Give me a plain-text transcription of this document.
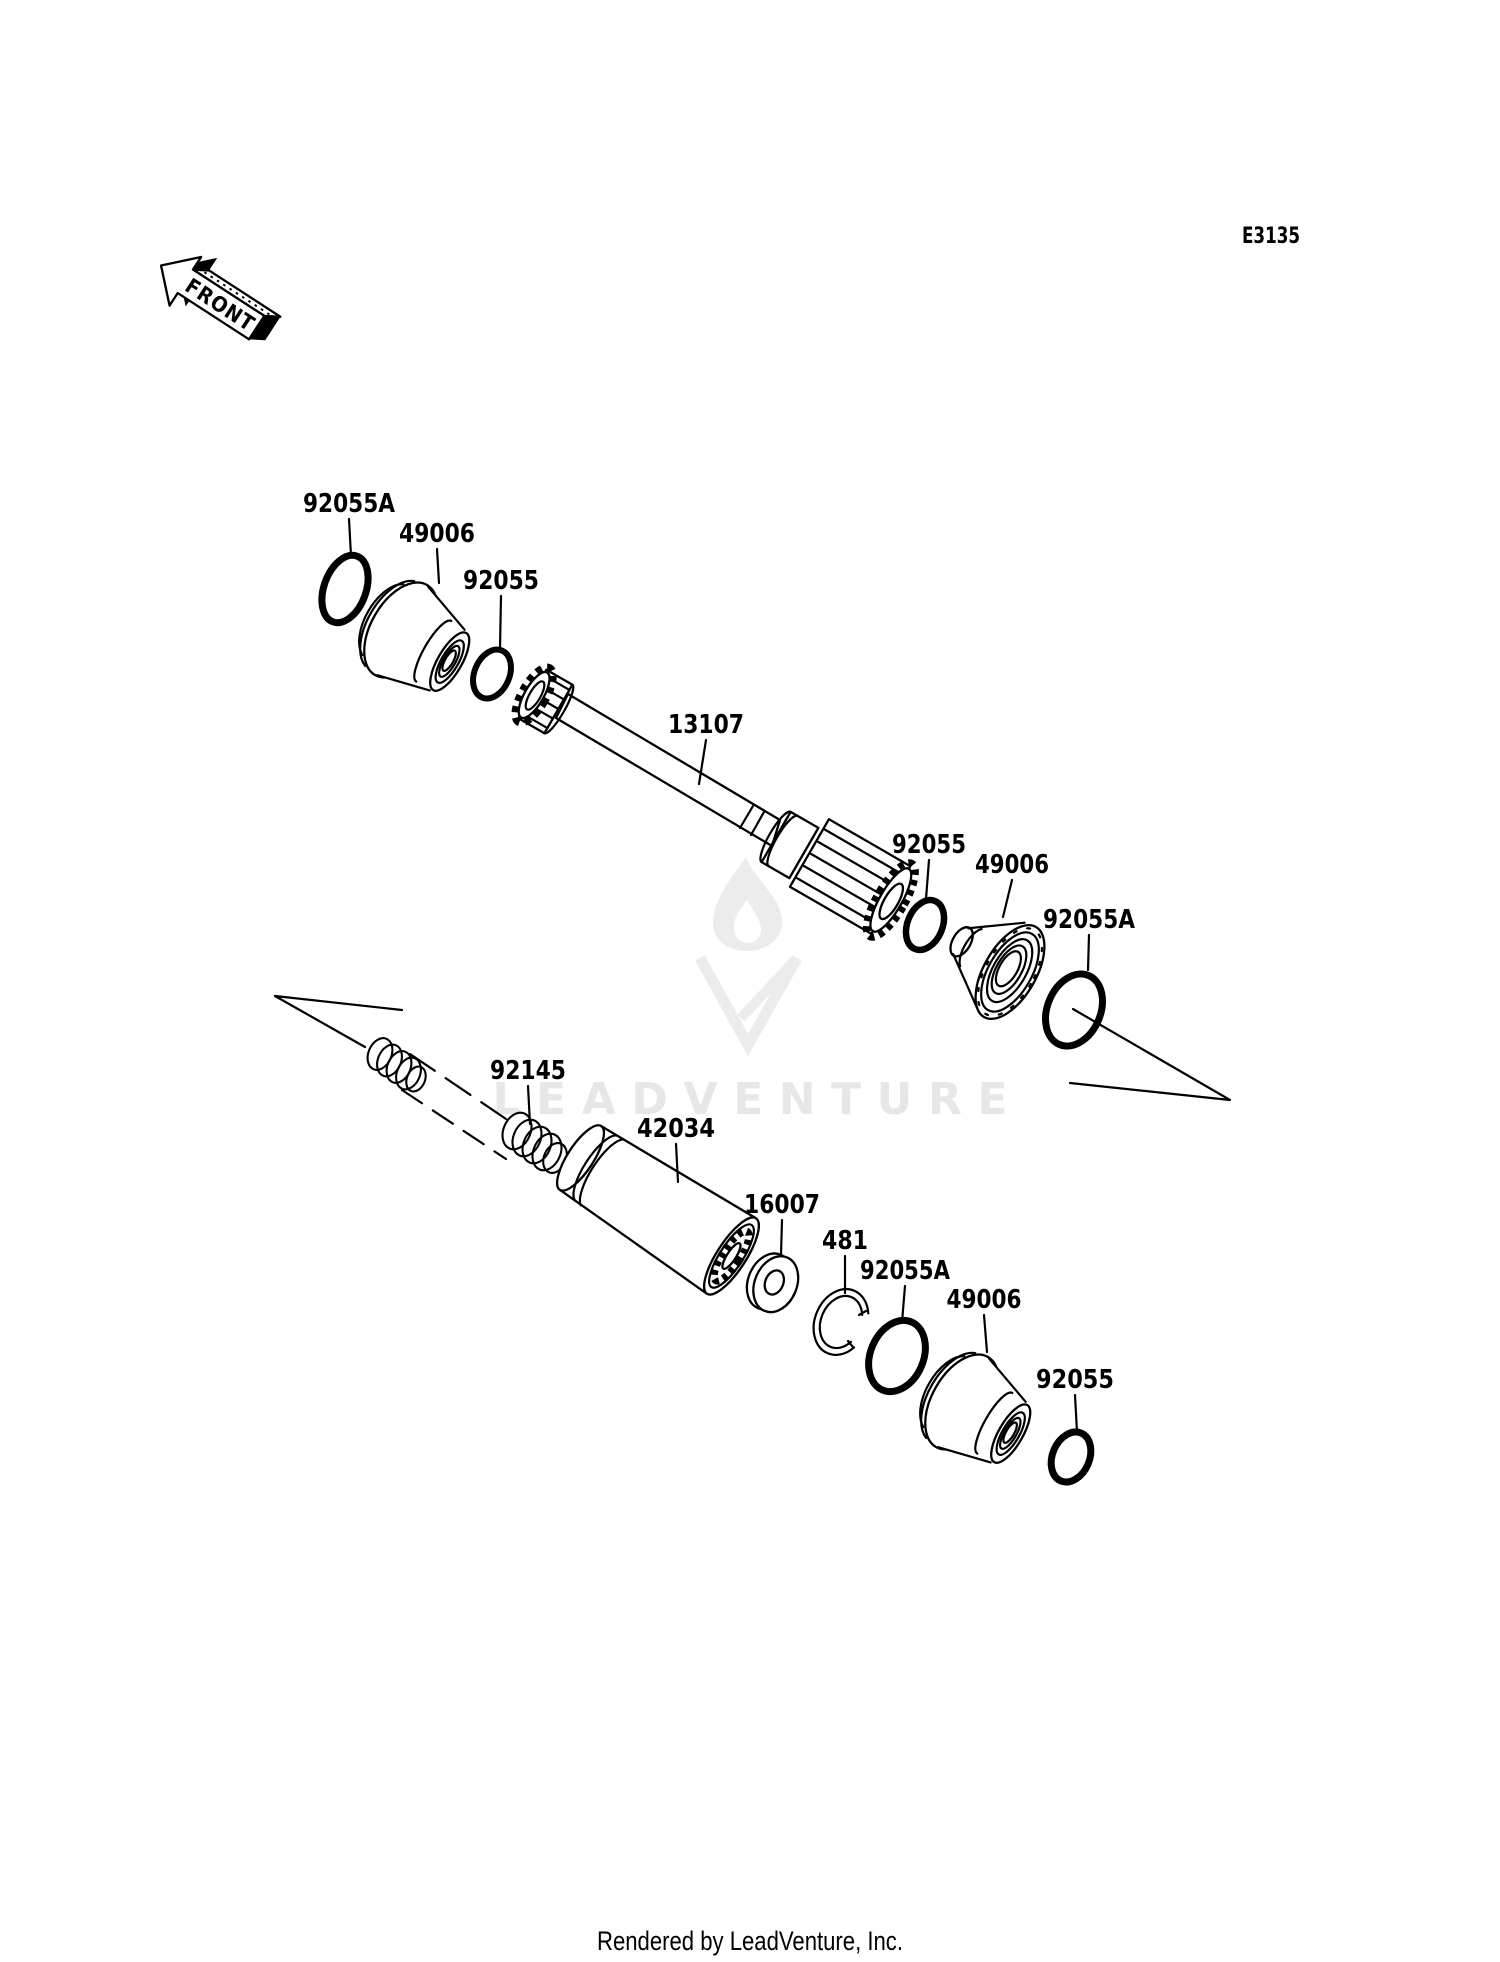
LEADVENTURE
92055A
49006
92055
13107
92055
49006
92055A
92145
42034
16007
481
92055A
49006
92055
FRONT
E3135
Rendered by LeadVenture, Inc.
